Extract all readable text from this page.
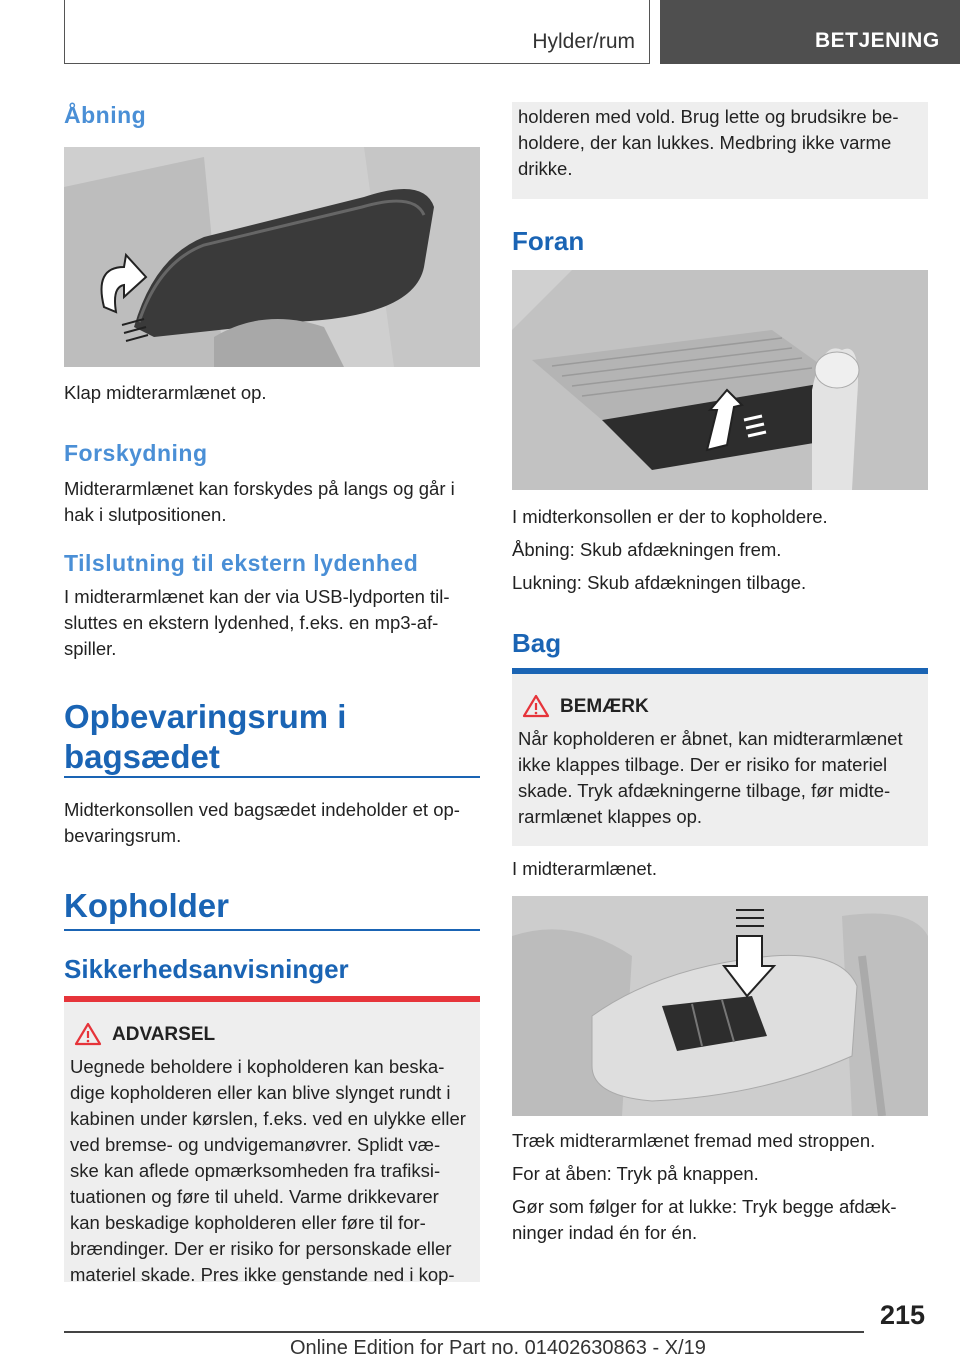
Hylder/rum	BETJENING

Åbning

Klap midterarmlænet op.

Forskydning

Midterarmlænet kan forskydes på langs og går i

hak i slutpositionen.

Tilslutning til ekstern lydenhed

I midterarmlænet kan der via USB-lydporten til-

sluttes en ekstern lydenhed, f.eks. en mp3-af-

spiller.

Opbevaringsrum i

bagsædet

Midterkonsollen ved bagsædet indeholder et op-

bevaringsrum.

Kopholder

Sikkerhedsanvisninger

ADVARSEL

Uegnede beholdere i kopholderen kan beska-

dige kopholderen eller kan blive slynget rundt i

kabinen under kørslen, f.eks. ved en ulykke eller

ved bremse- og undvigemanøvrer. Splidt væ-

ske kan aflede opmærksomheden fra trafiksi-

tuationen og føre til uheld. Varme drikkevarer

kan beskadige kopholderen eller føre til for-

brændinger. Der er risiko for personskade eller

materiel skade. Pres ikke genstande ned i kop-

holderen med vold. Brug lette og brudsikre be-

holdere, der kan lukkes. Medbring ikke varme

drikke.

Foran

I midterkonsollen er der to kopholdere.

Åbning: Skub afdækningen frem.

Lukning: Skub afdækningen tilbage.

Bag

BEMÆRK

Når kopholderen er åbnet, kan midterarmlænet

ikke klappes tilbage. Der er risiko for materiel

skade. Tryk afdækningerne tilbage, før midte-

rarmlænet klappes op.

I midterarmlænet.

Træk midterarmlænet fremad med stroppen.

For at åben: Tryk på knappen.

Gør som følger for at lukke: Tryk begge afdæk-

ninger indad én for én.

215
Online Edition for Part no. 01402630863 - X/19
